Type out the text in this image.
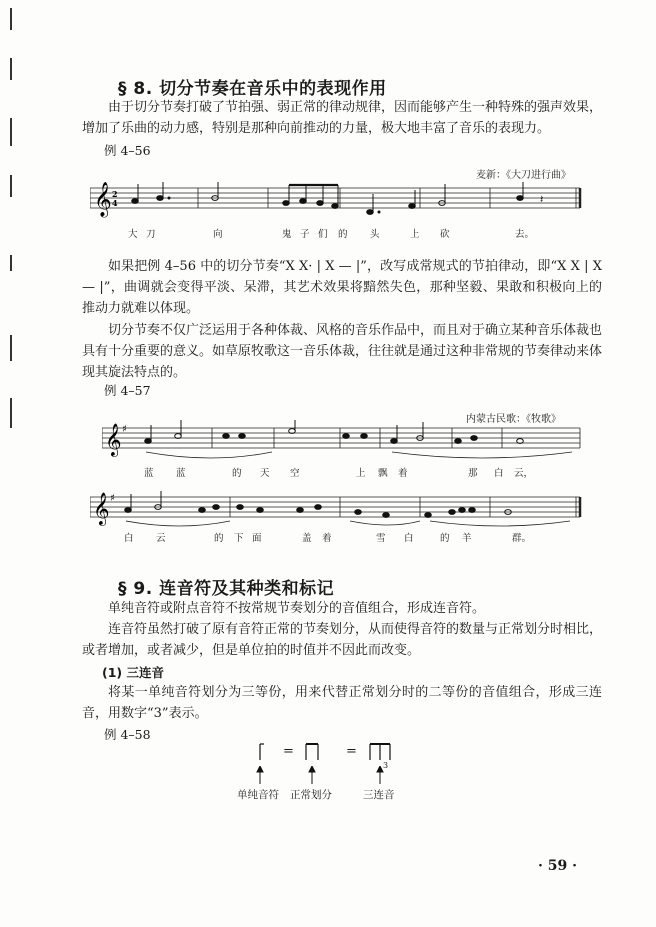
§ 8. 切分节奏在音乐中的表现作用

由于切分节奏打破了节拍强、弱正常的律动规律，因而能够产生一种特殊的强声效果，增加了乐曲的动力感，特别是那种向前推动的力量，极大地丰富了音乐的表现力。

例 4–56
麦新：《大刀进行曲》
𝄞 2
4	𝄽
大 刀	向	鬼 子 们 的 头	上 砍	去。

如果把例 4–56 中的切分节奏“X X· | X — |”，改写成常规式的节拍律动，即“X X | X — |”，曲调就会变得平淡、呆滞，其艺术效果将黯然失色，那种坚毅、果敢和积极向上的推动力就难以体现。

切分节奏不仅广泛运用于各种体裁、风格的音乐作品中，而且对于确立某种音乐体裁也具有十分重要的意义。如草原牧歌这一音乐体裁，往往就是通过这种非常规的节奏律动来体现其旋法特点的。

例 4–57
内蒙古民歌：《牧歌》
𝄞 ♯
蓝 蓝	的 天 空	上 飘 着	那 白 云，
𝄞 ♯
白 云	的 下 面	盖 着	雪 白	的 羊	群。
§ 9. 连音符及其种类和标记

单纯音符或附点音符不按常规节奏划分的音值组合，形成连音符。

连音符虽然打破了原有音符正常的节奏划分，从而使得音符的数量与正常划分时相比，或者增加，或者减少，但是单位拍的时值并不因此而改变。

(1) 三连音

将某一单纯音符划分为三等份，用来代替正常划分时的二等份的音值组合，形成三连音，用数字“3”表示。

例 4–58
=	=
3
单纯音符 正常划分	三连音
· 59 ·
